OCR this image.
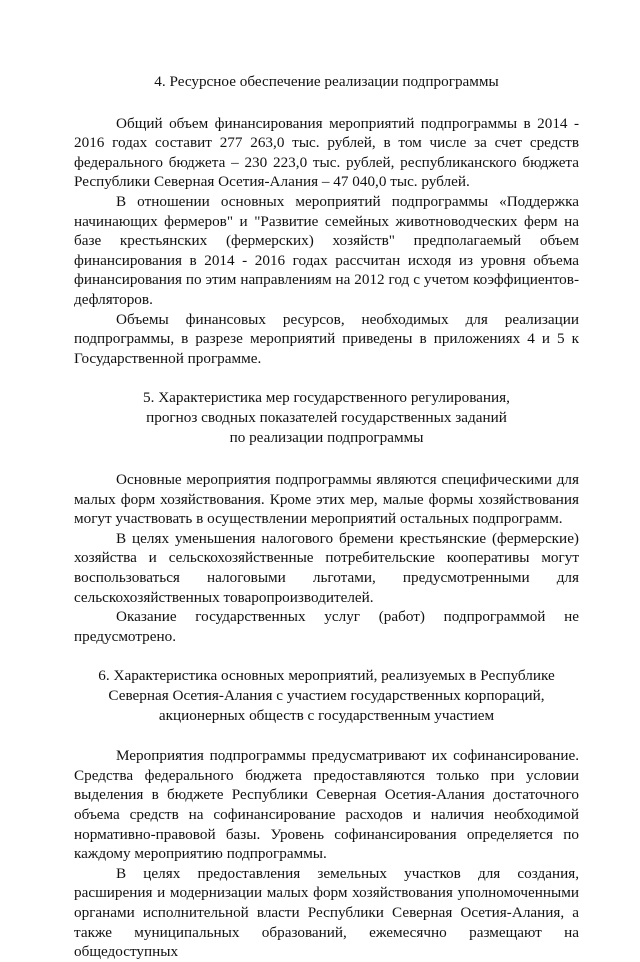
4. Ресурсное обеспечение реализации подпрограммы

Общий объем финансирования мероприятий подпрограммы в 2014 - 2016 годах составит 277 263,0 тыс. рублей, в том числе за счет средств федерального бюджета – 230 223,0 тыс. рублей, республиканского бюджета Республики Северная Осетия-Алания – 47 040,0 тыс. рублей.

В отношении основных мероприятий подпрограммы «Поддержка начинающих фермеров" и "Развитие семейных животноводческих ферм на базе крестьянских (фермерских) хозяйств" предполагаемый объем финансирования в 2014 - 2016 годах рассчитан исходя из уровня объема финансирования по этим направлениям на 2012 год с учетом коэффициентов-дефляторов.

Объемы финансовых ресурсов, необходимых для реализации подпрограммы, в разрезе мероприятий приведены в приложениях 4 и 5 к Государственной программе.

5. Характеристика мер государственного регулирования,
прогноз сводных показателей государственных заданий
по реализации подпрограммы

Основные мероприятия подпрограммы являются специфическими для малых форм хозяйствования. Кроме этих мер, малые формы хозяйствования могут участвовать в осуществлении мероприятий остальных подпрограмм.

В целях уменьшения налогового бремени крестьянские (фермерские) хозяйства и сельскохозяйственные потребительские кооперативы могут воспользоваться налоговыми льготами, предусмотренными для сельскохозяйственных товаропроизводителей.

Оказание государственных услуг (работ) подпрограммой не предусмотрено.

6. Характеристика основных мероприятий, реализуемых в Республике
Северная Осетия-Алания с участием государственных корпораций,
акционерных обществ с государственным участием

Мероприятия подпрограммы предусматривают их софинансирование. Средства федерального бюджета предоставляются только при условии выделения в бюджете Республики Северная Осетия-Алания достаточного объема средств на софинансирование расходов и наличия необходимой нормативно-правовой базы. Уровень софинансирования определяется по каждому мероприятию подпрограммы.

В целях предоставления земельных участков для создания, расширения и модернизации малых форм хозяйствования уполномоченными органами исполнительной власти Республики Северная Осетия-Алания, а также муниципальных образований, ежемесячно размещают на общедоступных
